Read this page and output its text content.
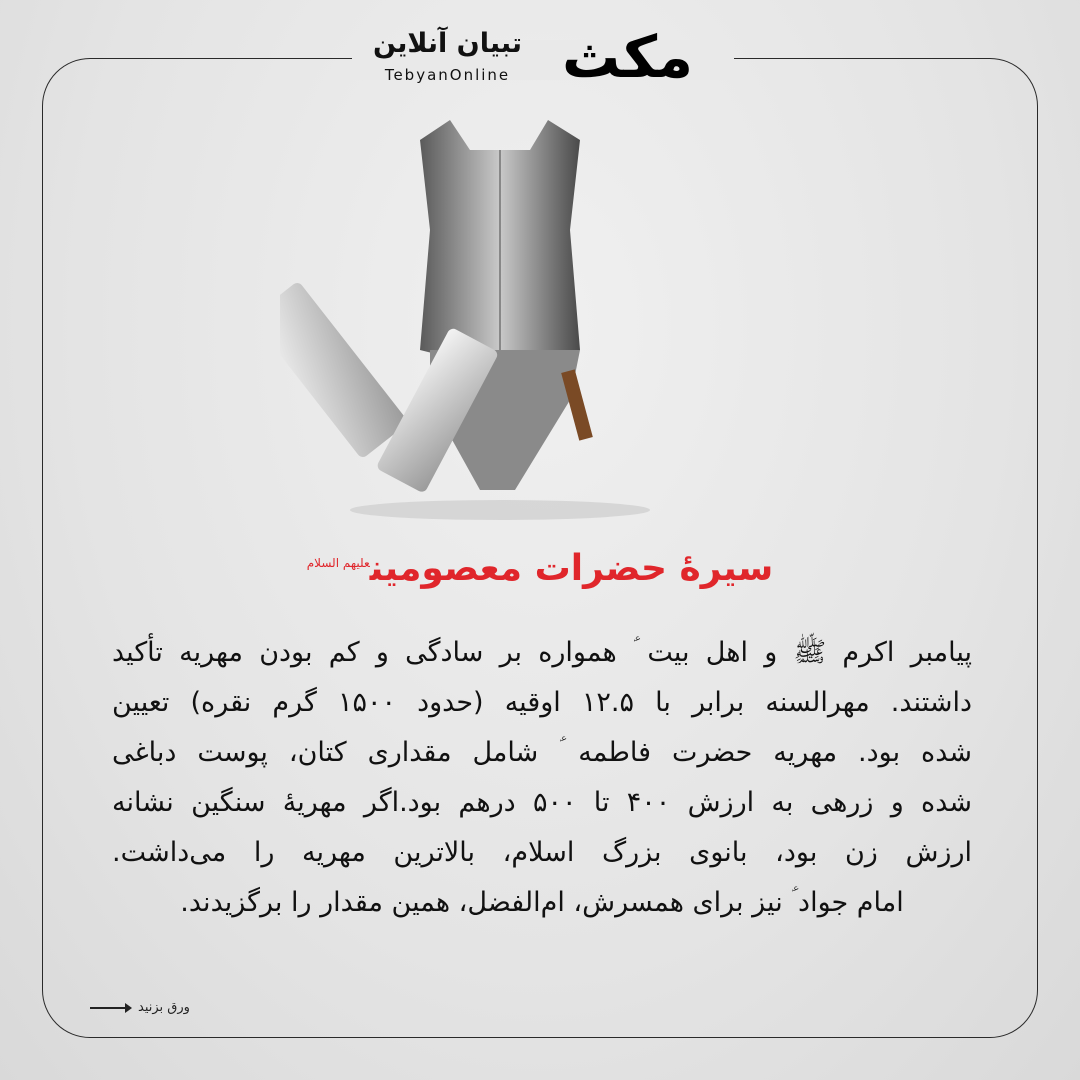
مکث
تبیان آنلاین
TebyanOnline
سیرهٔ حضرات معصومین$^{علیهم السلام}$
پیامبر اکرم ﷺ و اهل بیت ؑ همواره بر سادگی و کم بودن مهریه تأکید
داشتند. مهرالسنه برابر با ۱۲.۵ اوقیه (حدود ۱۵۰۰ گرم نقره) تعیین
شده بود. مهریه حضرت فاطمه ؑ شامل مقداری کتان، پوست دباغی
شده و زرهی به ارزش ۴۰۰ تا ۵۰۰ درهم بود.اگر مهریهٔ سنگین نشانه
ارزش زن بود، بانوی بزرگ اسلام، بالاترین مهریه را می‌داشت.
امام جواد ؑ نیز برای همسرش، ام‌الفضل، همین مقدار را برگزیدند.
ورق بزنید
